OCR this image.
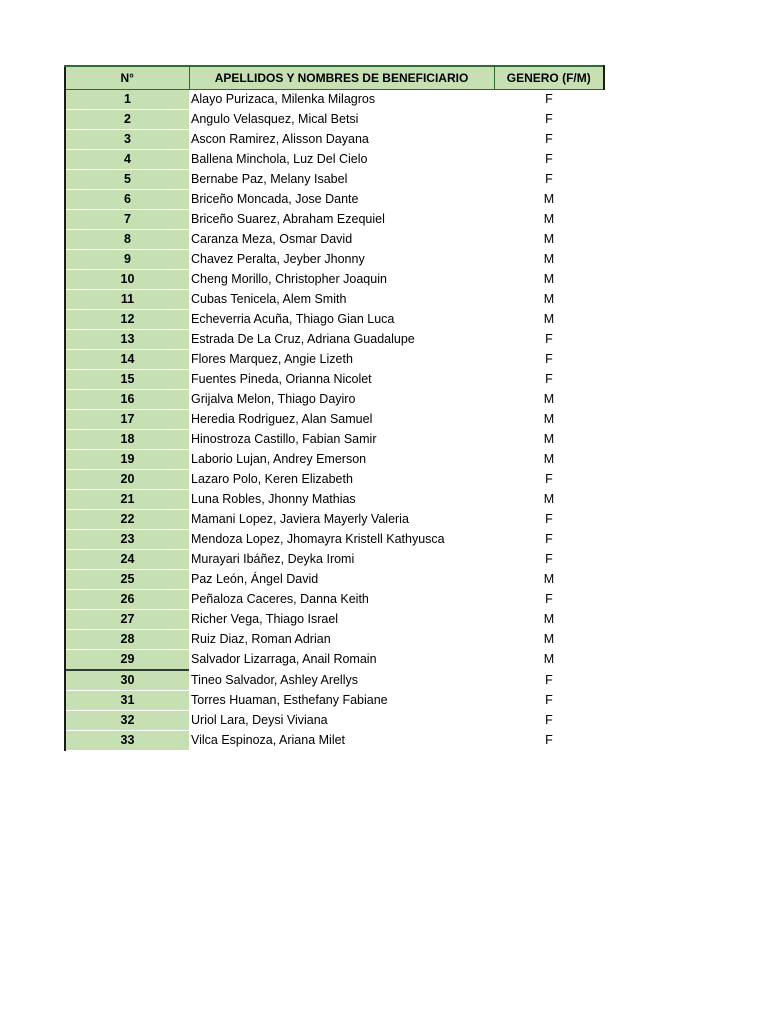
N°	APELLIDOS Y NOMBRES DE BENEFICIARIO	GENERO (F/M)
1	Alayo Purizaca, Milenka Milagros	F
2	Angulo Velasquez, Mical Betsi	F
3	Ascon Ramirez, Alisson Dayana	F
4	Ballena Minchola, Luz Del Cielo	F
5	Bernabe Paz, Melany Isabel	F
6	Briceño Moncada, Jose Dante	M
7	Briceño Suarez, Abraham Ezequiel	M
8	Caranza Meza, Osmar David	M
9	Chavez Peralta, Jeyber Jhonny	M
10	Cheng Morillo, Christopher Joaquin	M
11	Cubas Tenicela, Alem Smith	M
12	Echeverria Acuña, Thiago Gian Luca	M
13	Estrada De La Cruz, Adriana Guadalupe	F
14	Flores Marquez, Angie Lizeth	F
15	Fuentes Pineda, Orianna Nicolet	F
16	Grijalva Melon, Thiago Dayiro	M
17	Heredia Rodriguez, Alan Samuel	M
18	Hinostroza Castillo, Fabian Samir	M
19	Laborio Lujan, Andrey Emerson	M
20	Lazaro Polo, Keren Elizabeth	F
21	Luna Robles, Jhonny Mathias	M
22	Mamani Lopez, Javiera Mayerly Valeria	F
23	Mendoza Lopez, Jhomayra Kristell Kathyusca	F
24	Murayari Ibáñez, Deyka Iromi	F
25	Paz León, Ángel David	M
26	Peñaloza Caceres, Danna Keith	F
27	Richer Vega, Thiago Israel	M
28	Ruiz Diaz, Roman Adrian	M
29	Salvador Lizarraga, Anail Romain	M
30	Tineo Salvador, Ashley Arellys	F
31	Torres Huaman, Esthefany Fabiane	F
32	Uriol Lara, Deysi Viviana	F
33	Vilca Espinoza, Ariana Milet	F
